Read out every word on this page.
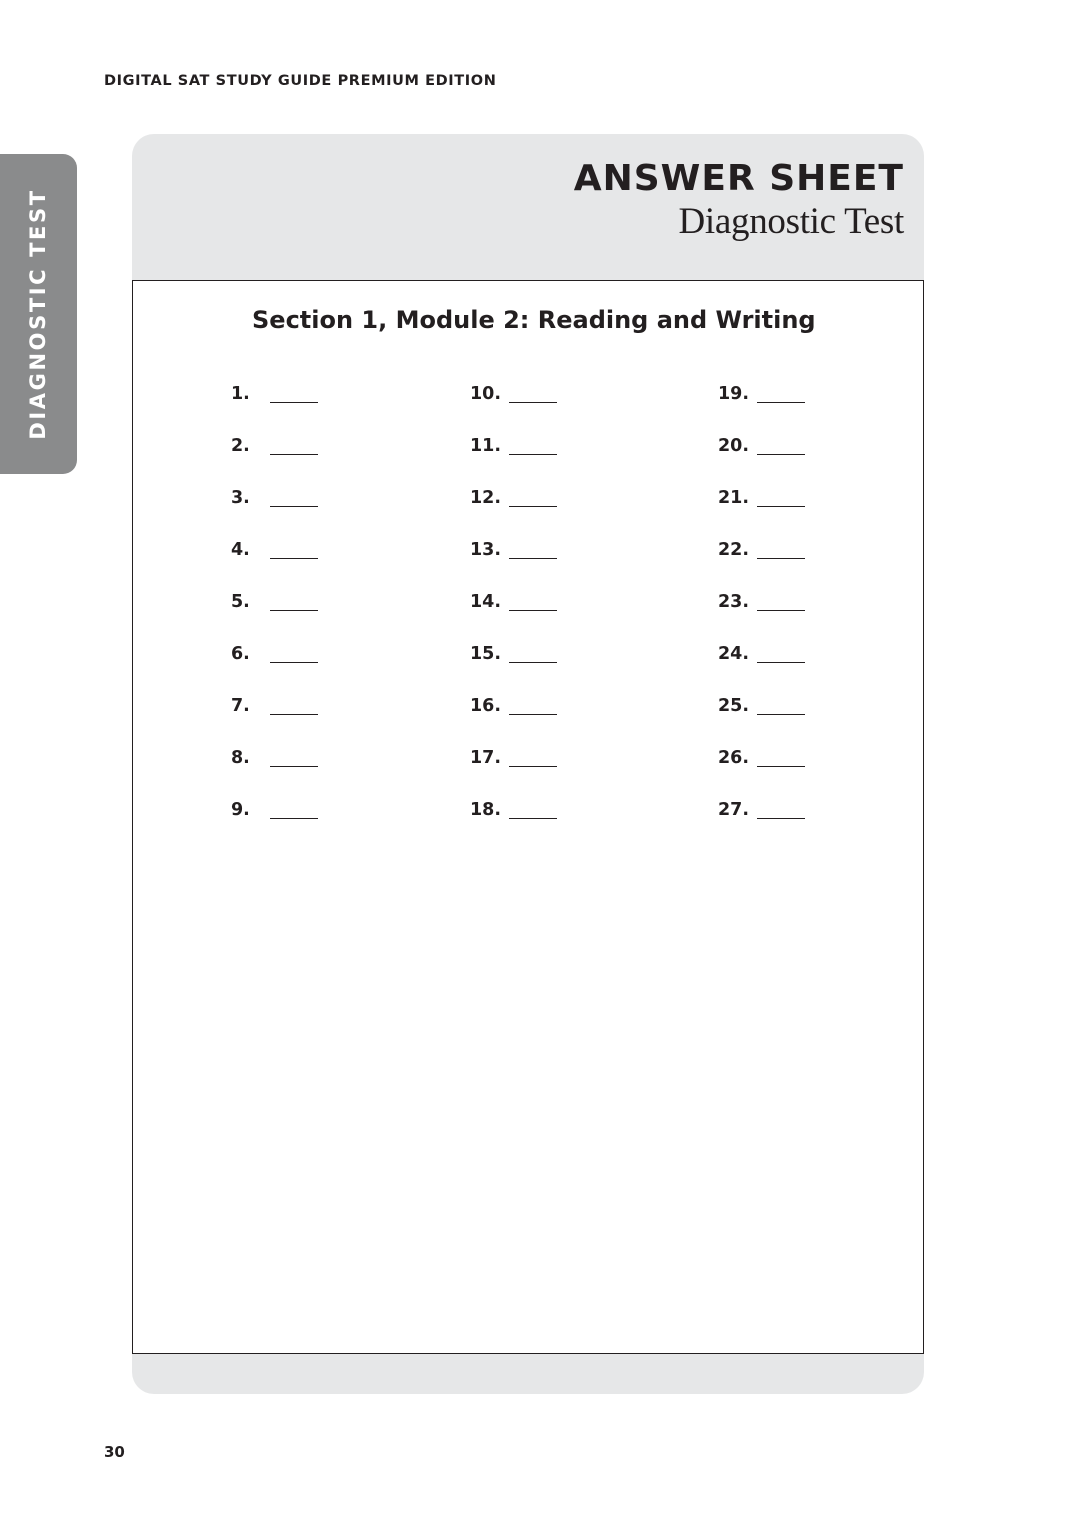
DIGITAL SAT STUDY GUIDE PREMIUM EDITION
DIAGNOSTIC TEST
ANSWER SHEET
Diagnostic Test
Section 1, Module 2: Reading and Writing
1.
2.
3.
4.
5.
6.
7.
8.
9.
10.
11.
12.
13.
14.
15.
16.
17.
18.
19.
20.
21.
22.
23.
24.
25.
26.
27.
30
